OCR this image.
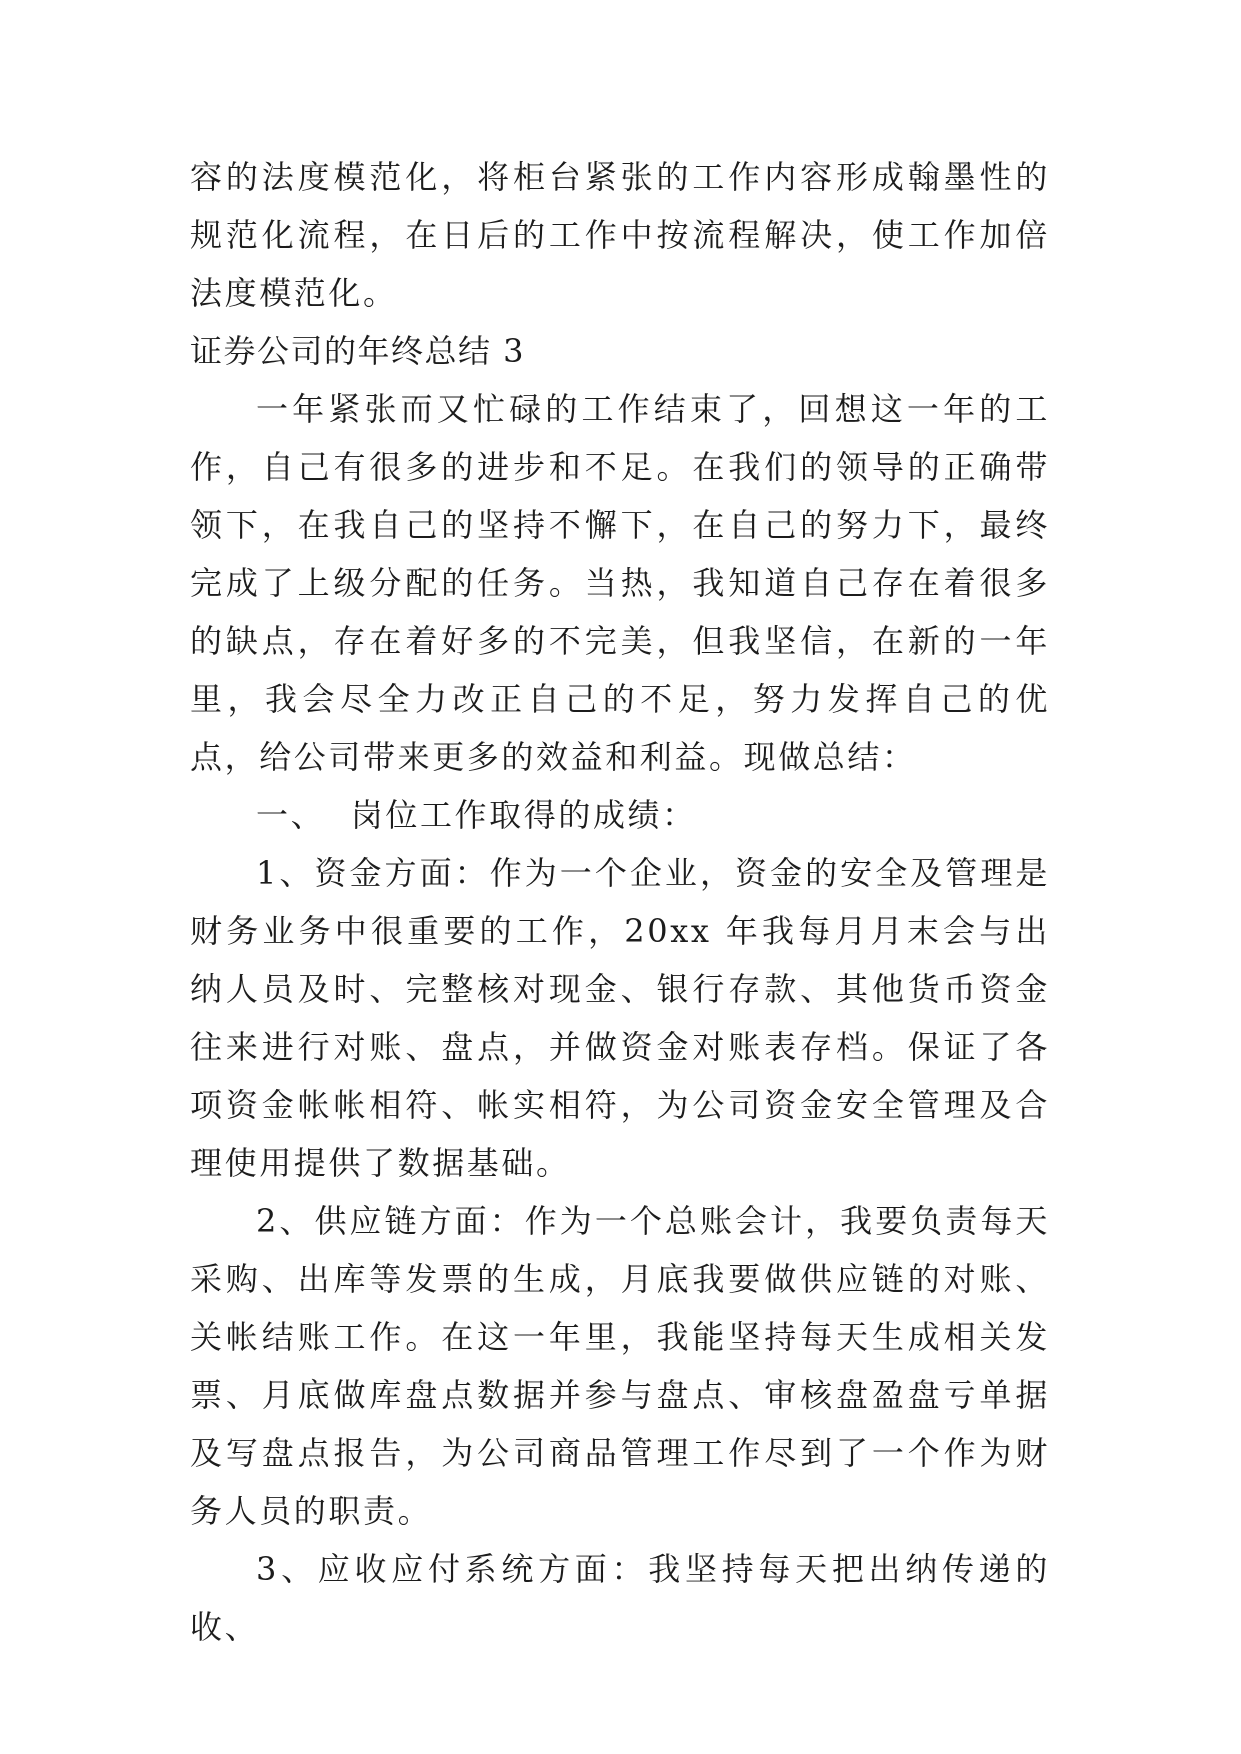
容的法度模范化，将柜台紧张的工作内容形成翰墨性的规范化流程，在日后的工作中按流程解决，使工作加倍法度模范化。

证券公司的年终总结 3

一年紧张而又忙碌的工作结束了，回想这一年的工作，自己有很多的进步和不足。在我们的领导的正确带领下，在我自己的坚持不懈下，在自己的努力下，最终完成了上级分配的任务。当热，我知道自己存在着很多的缺点，存在着好多的不完美，但我坚信，在新的一年里，我会尽全力改正自己的不足，努力发挥自己的优点，给公司带来更多的效益和利益。现做总结：

一、  岗位工作取得的成绩：

1、资金方面：作为一个企业，资金的安全及管理是财务业务中很重要的工作，20xx 年我每月月末会与出纳人员及时、完整核对现金、银行存款、其他货币资金往来进行对账、盘点，并做资金对账表存档。保证了各项资金帐帐相符、帐实相符，为公司资金安全管理及合理使用提供了数据基础。

2、供应链方面：作为一个总账会计，我要负责每天采购、出库等发票的生成，月底我要做供应链的对账、关帐结账工作。在这一年里，我能坚持每天生成相关发票、月底做库盘点数据并参与盘点、审核盘盈盘亏单据及写盘点报告，为公司商品管理工作尽到了一个作为财务人员的职责。

3、应收应付系统方面：我坚持每天把出纳传递的收、
